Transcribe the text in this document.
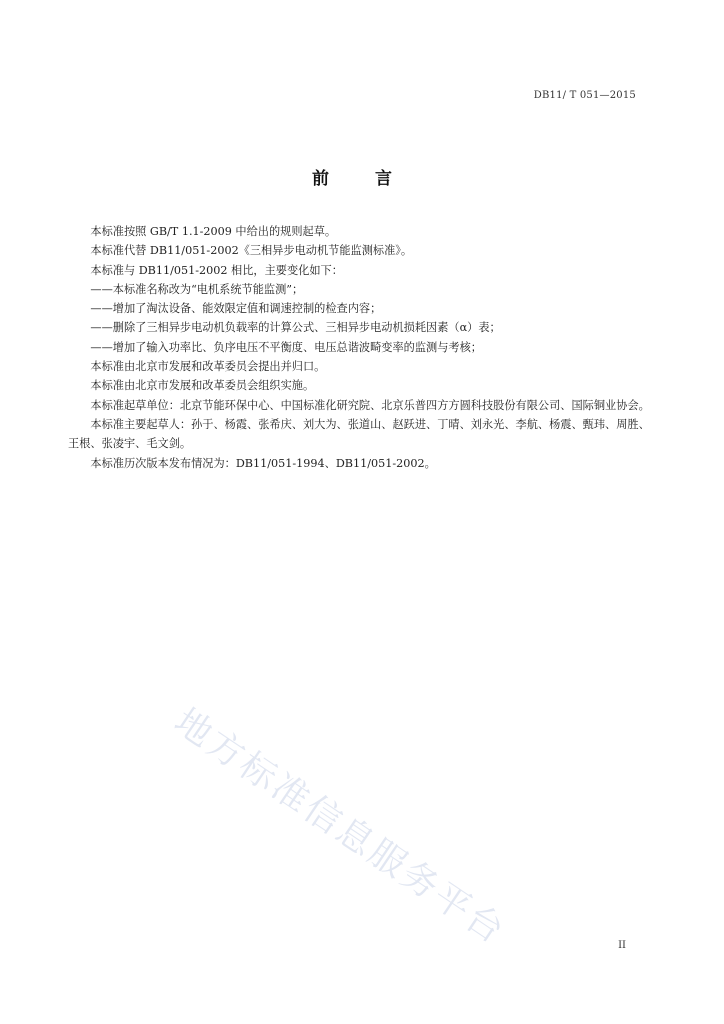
DB11/ T 051—2015
前 言

本标准按照 GB/T 1.1-2009 中给出的规则起草。

本标准代替 DB11/051-2002《三相异步电动机节能监测标准》。

本标准与 DB11/051-2002 相比，主要变化如下：

——本标准名称改为“电机系统节能监测”；

——增加了淘汰设备、能效限定值和调速控制的检查内容；

——删除了三相异步电动机负载率的计算公式、三相异步电动机损耗因素（α）表；

——增加了输入功率比、负序电压不平衡度、电压总谐波畸变率的监测与考核；

本标准由北京市发展和改革委员会提出并归口。

本标准由北京市发展和改革委员会组织实施。

本标准起草单位：北京节能环保中心、中国标准化研究院、北京乐普四方方圆科技股份有限公司、国际铜业协会。

本标准主要起草人：孙于、杨霞、张希庆、刘大为、张道山、赵跃进、丁晴、刘永光、李航、杨震、甄玮、周胜、王根、张凌宇、毛文剑。

本标准历次版本发布情况为：DB11/051-1994、DB11/051-2002。

地方标准信息服务平台	II
